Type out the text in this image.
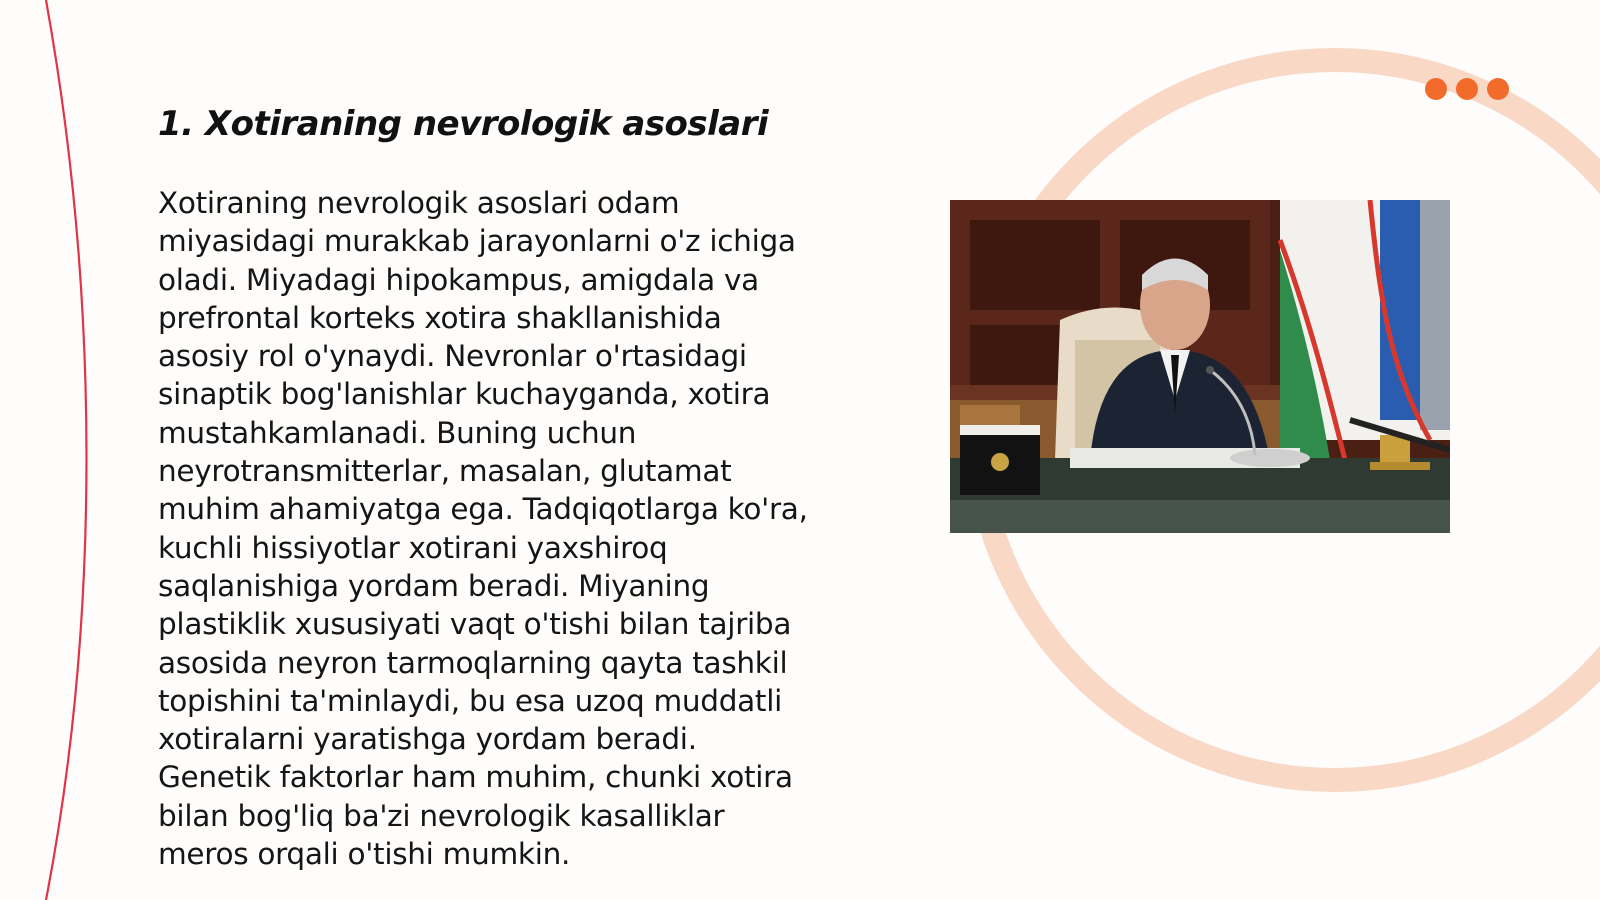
1. Xotiraning nevrologik asoslari
Xotiraning nevrologik asoslari odam
miyasidagi murakkab jarayonlarni o'z ichiga
oladi. Miyadagi hipokampus, amigdala va
prefrontal korteks xotira shakllanishida
asosiy rol o'ynaydi. Nevronlar o'rtasidagi
sinaptik bog'lanishlar kuchayganda, xotira
mustahkamlanadi. Buning uchun
neyrotransmitterlar, masalan, glutamat
muhim ahamiyatga ega. Tadqiqotlarga ko'ra,
kuchli hissiyotlar xotirani yaxshiroq
saqlanishiga yordam beradi. Miyaning
plastiklik xususiyati vaqt o'tishi bilan tajriba
asosida neyron tarmoqlarning qayta tashkil
topishini ta'minlaydi, bu esa uzoq muddatli
xotiralarni yaratishga yordam beradi.
Genetik faktorlar ham muhim, chunki xotira
bilan bog'liq ba'zi nevrologik kasalliklar
meros orqali o'tishi mumkin.
